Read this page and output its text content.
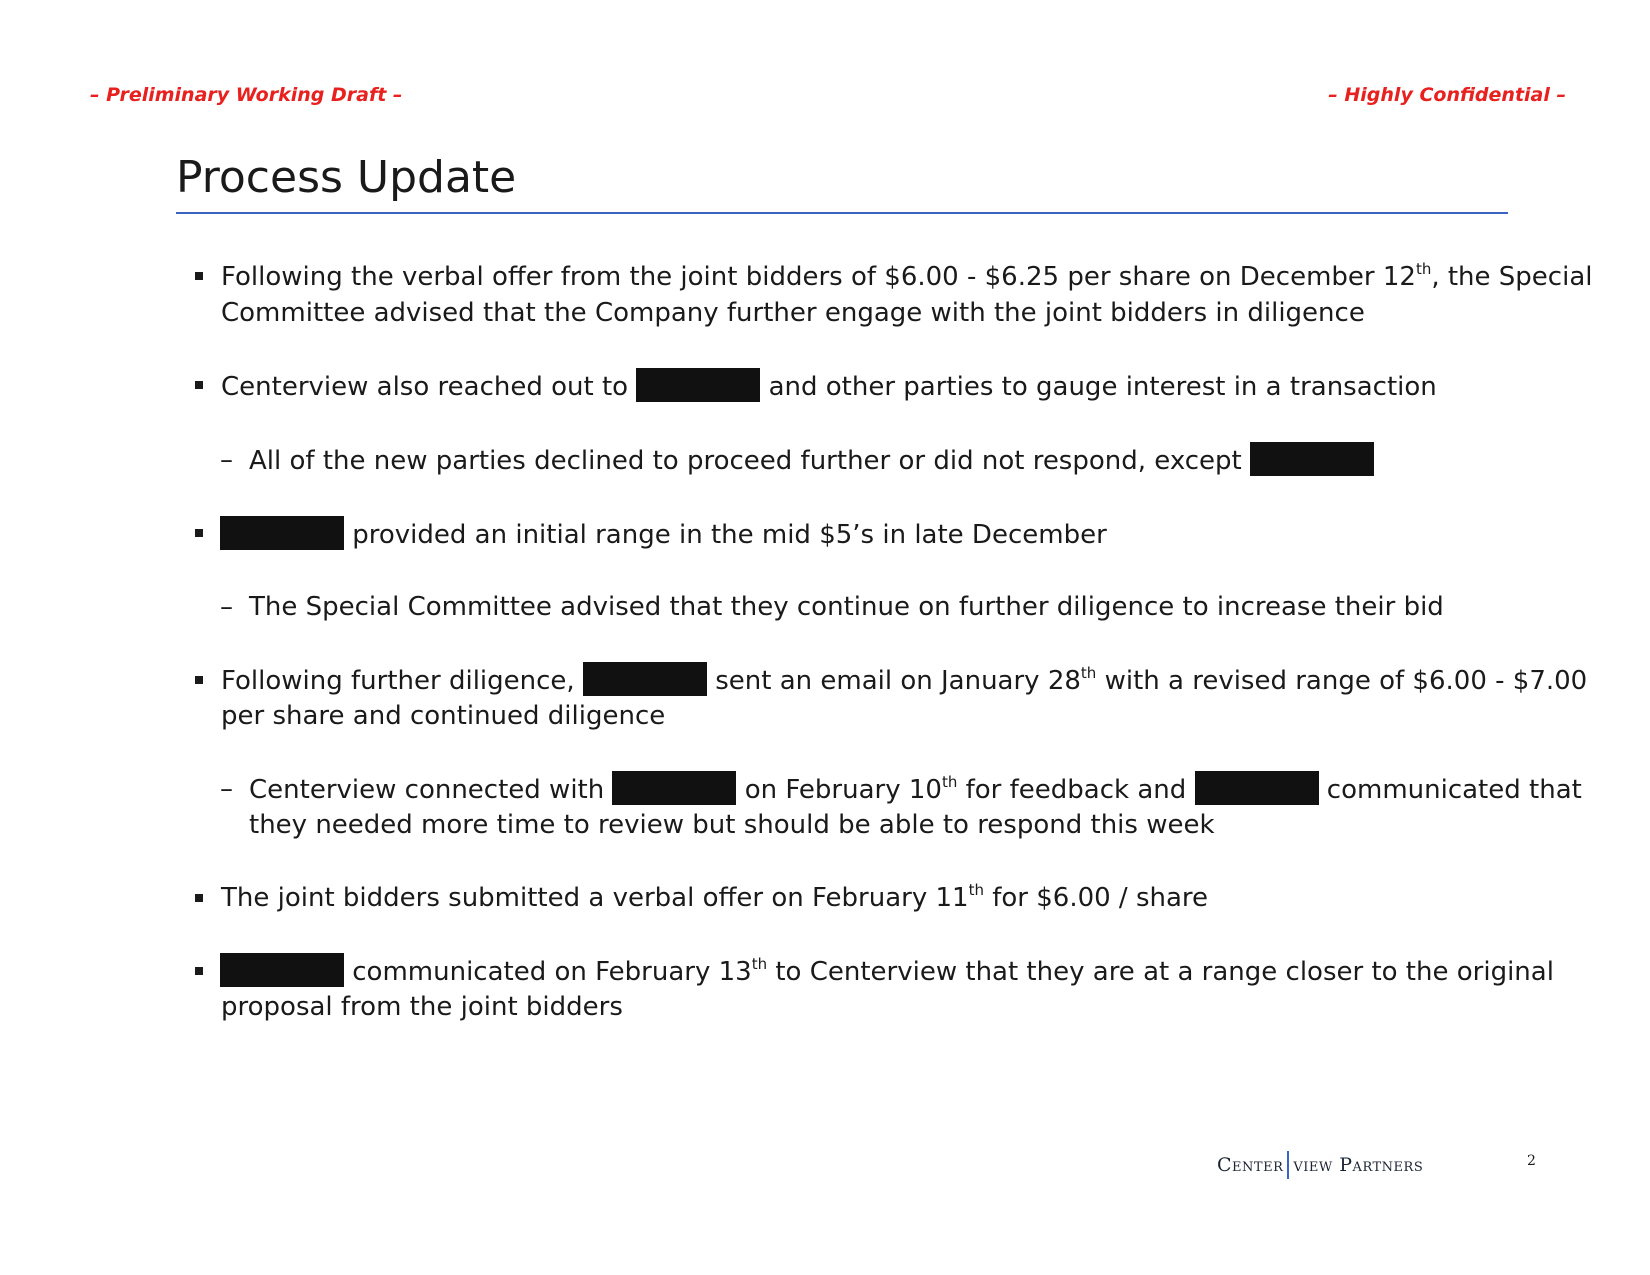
– Preliminary Working Draft –	– Highly Confidential –
Process Update
Following the verbal offer from the joint bidders of $6.00 - $6.25 per share on December 12th, the Special
Committee advised that the Company further engage with the joint bidders in diligence
Centerview also reached out to	and other parties to gauge interest in a transaction
– All of the new parties declined to proceed further or did not respond, except
provided an initial range in the mid $5’s in late December
– The Special Committee advised that they continue on further diligence to increase their bid
Following further diligence,	sent an email on January 28th with a revised range of $6.00 - $7.00
per share and continued diligence
– Centerview connected with	on February 10th for feedback and	communicated that
they needed more time to review but should be able to respond this week
The joint bidders submitted a verbal offer on February 11th for $6.00 / share
communicated on February 13th to Centerview that they are at a range closer to the original
proposal from the joint bidders
Center view Partners	2
